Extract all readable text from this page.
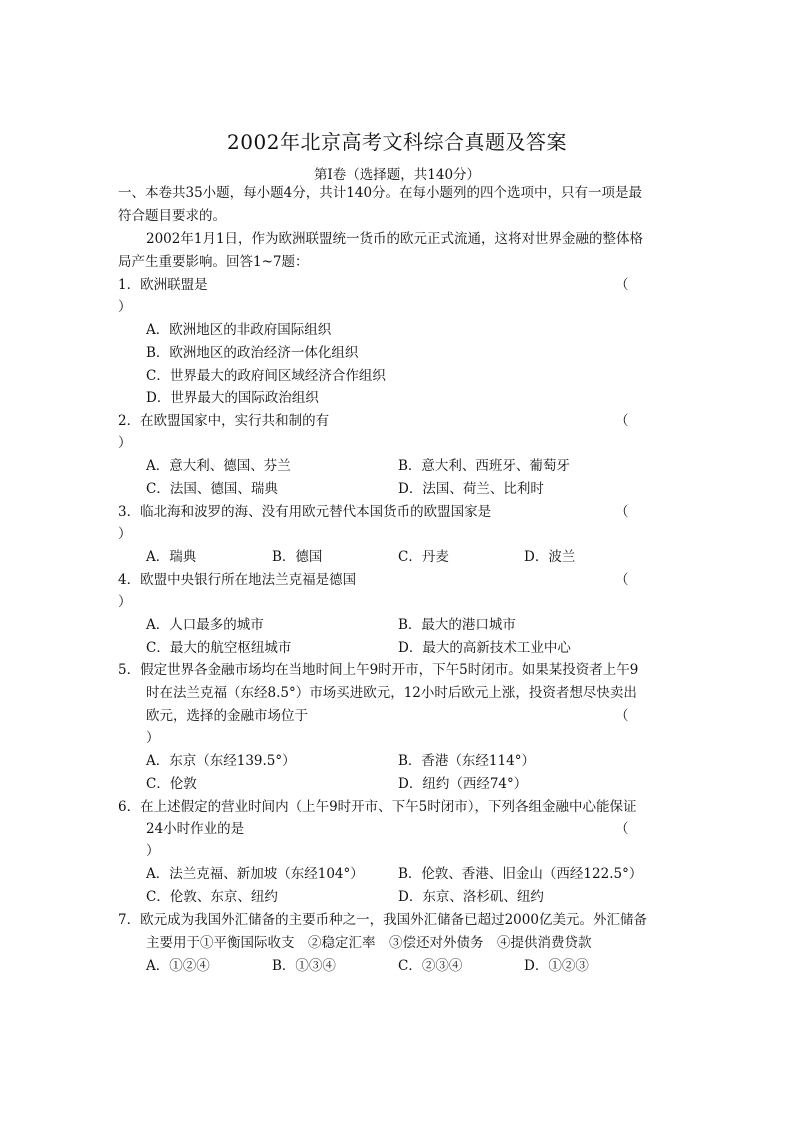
2002年北京高考文科综合真题及答案
第Ⅰ卷（选择题，共140分）
一、本卷共35小题，每小题4分，共计140分。在每小题列的四个选项中，只有一项是最
符合题目要求的。
2002年1月1日，作为欧洲联盟统一货币的欧元正式流通，这将对世界金融的整体格
局产生重要影响。回答1~7题：
1．欧洲联盟是	（
）
A．欧洲地区的非政府国际组织
B．欧洲地区的政治经济一体化组织
C．世界最大的政府间区域经济合作组织
D．世界最大的国际政治组织
2．在欧盟国家中，实行共和制的有	（
）
A．意大利、德国、芬兰	B．意大利、西班牙、葡萄牙
C．法国、德国、瑞典	D．法国、荷兰、比利时
3．临北海和波罗的海、没有用欧元替代本国货币的欧盟国家是	（
）
A．瑞典	B．德国	C．丹麦	D．波兰
4．欧盟中央银行所在地法兰克福是德国	（
）
A．人口最多的城市	B．最大的港口城市
C．最大的航空枢纽城市	D．最大的高新技术工业中心
5．假定世界各金融市场均在当地时间上午9时开市，下午5时闭市。如果某投资者上午9
时在法兰克福（东经8.5°）市场买进欧元，12小时后欧元上涨，投资者想尽快卖出
欧元，选择的金融市场位于	（
）
A．东京（东经139.5°）	B．香港（东经114°）
C．伦敦	D．纽约（西经74°）
6．在上述假定的营业时间内（上午9时开市、下午5时闭市），下列各组金融中心能保证
24小时作业的是	（
）
A．法兰克福、新加坡（东经104°）	B．伦敦、香港、旧金山（西经122.5°）
C．伦敦、东京、纽约	D．东京、洛杉矶、纽约
7．欧元成为我国外汇储备的主要币种之一，我国外汇储备已超过2000亿美元。外汇储备
主要用于①平衡国际收支　②稳定汇率　③偿还对外债务　④提供消费贷款
A．①②④	B．①③④	C．②③④	D．①②③
